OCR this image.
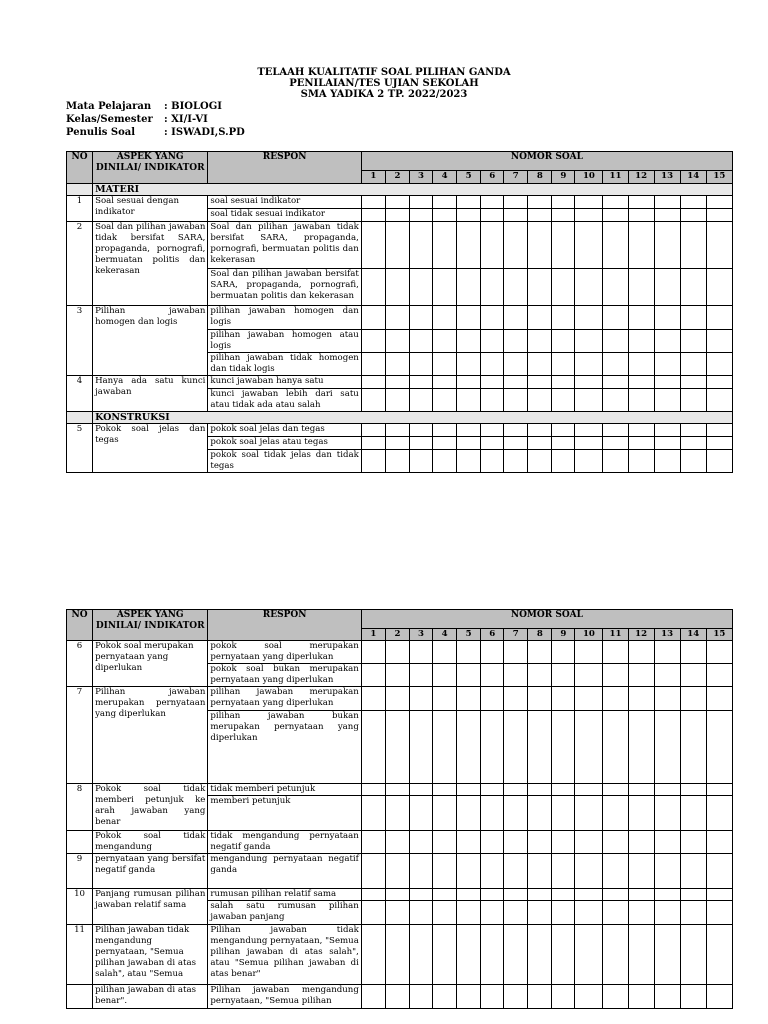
TELAAH KUALITATIF SOAL PILIHAN GANDA
PENILAIAN/TES UJIAN SEKOLAH
SMA YADIKA 2 TP. 2022/2023
Mata Pelajaran : BIOLOGI
Kelas/Semester : XI/I-VI
Penulis Soal	: ISWADI,S.PD
NO	ASPEK YANG DINILAI/ INDIKATOR	RESPON	NOMOR SOAL														
			1	2	3	4	5	6	7	8	9	10	11	12	13	14	15
	MATERI																
1	Soal sesuai dengan indikator	soal sesuai indikator															
		soal tidak sesuai indikator															
2	Soal dan pilihan jawaban tidak bersifat SARA, propaganda, pornografi, bermuatan politis dan kekerasan	Soal dan pilihan jawaban tidak bersifat SARA, propaganda, pornografi, bermuatan politis dan kekerasan															
		Soal dan pilihan jawaban bersifat SARA, propaganda, pornografi, bermuatan politis dan kekerasan															
3	Pilihan jawaban homogen dan logis	pilihan jawaban homogen dan logis															
		pilihan jawaban homogen atau logis															
		pilihan jawaban tidak homogen dan tidak logis															
4	Hanya ada satu kunci jawaban	kunci jawaban hanya satu															
		kunci jawaban lebih dari satu atau tidak ada atau salah															
	KONSTRUKSI																
5	Pokok soal jelas dan tegas	pokok soal jelas dan tegas															
		pokok soal jelas atau tegas															
		pokok soal tidak jelas dan tidak tegas															
NO	ASPEK YANG DINILAI/ INDIKATOR	RESPON	NOMOR SOAL														
			1	2	3	4	5	6	7	8	9	10	11	12	13	14	15
6	Pokok soal merupakan pernyataan yang diperlukan	pokok soal merupakan pernyataan yang diperlukan															
		pokok soal bukan merupakan pernyataan yang diperlukan															
7	Pilihan jawaban merupakan pernyataan yang diperlukan	pilihan jawaban merupakan pernyataan yang diperlukan															
		pilihan jawaban bukan merupakan pernyataan yang diperlukan															
8	Pokok soal tidak memberi petunjuk ke arah jawaban yang benar	tidak memberi petunjuk															
		memberi petunjuk															
	Pokok soal tidak mengandung	tidak mengandung pernyataan negatif ganda															
9	pernyataan yang bersifat negatif ganda	mengandung pernyataan negatif ganda															
10	Panjang rumusan pilihan jawaban relatif sama	rumusan pilihan relatif sama															
		salah satu rumusan pilihan jawaban panjang															
11	Pilihan jawaban tidak mengandung pernyataan, "Semua pilihan jawaban di atas salah", atau "Semua	Pilihan jawaban tidak mengandung pernyataan, "Semua pilihan jawaban di atas salah", atau "Semua pilihan jawaban di atas benar"															
	pilihan jawaban di atas benar".	Pilihan jawaban mengandung pernyataan, "Semua pilihan															
